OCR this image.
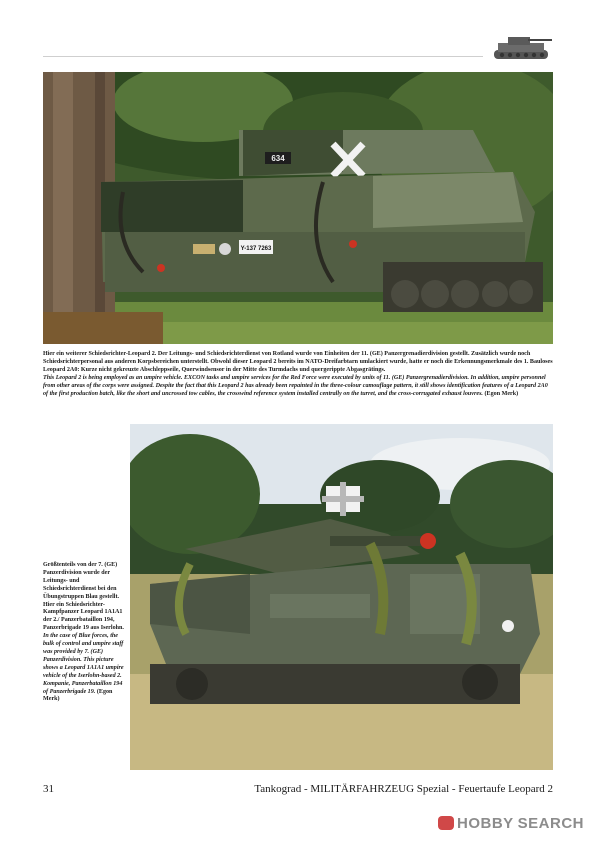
634
Y-137 7263
Hier ein weiterer Schiedsrichter-Leopard 2. Der Leitungs- und Schiedsrichterdienst von Rotland wurde von Einheiten der 11. (GE) Panzergrenadierdivision gestellt. Zusätzlich wurde noch Schiedsrichterpersonal aus anderen Korpsbereichen unterstellt. Obwohl dieser Leopard 2 bereits im NATO-Dreifarbtarn umlackiert wurde, hatte er noch die Erkennungsmerkmale des 1. Bauloses Leopard 2A0: Kurze nicht gekreuzte Abschleppseile, Querwindsensor in der Mitte des Turmdachs und quergerippte Abgasgrätings.
This Leopard 2 is being employed as an umpire vehicle. EXCON tasks and umpire services for the Red Force were executed by units of 11. (GE) Panzergrenadierdivision. In addition, umpire personnel from other areas of the corps were assigned. Despite the fact that this Leopard 2 has already been repainted in the three-colour camouflage pattern, it still shows identification features of a Leopard 2A0 of the first production batch, like the short and uncrossed tow cables, the crosswind reference system installed centrally on the turret, and the cross-corrugated exhaust louvres. (Egon Merk)
Größtenteils von der 7. (GE) Panzerdivision wurde der Leitungs- und Schiedsrichterdienst bei den Übungstruppen Blau gestellt. Hier ein Schiedsrichter-Kampfpanzer Leopard 1A1A1 der 2./ Panzerbataillon 194, Panzerbrigade 19 aus Iserlohn.
In the case of Blue forces, the bulk of control and umpire staff was provided by 7. (GE) Panzerdivision. This picture shows a Leopard 1A1A1 umpire vehicle of the Iserlohn-based 2. Kompanie, Panzerbataillon 194 of Panzerbrigade 19. (Egon Merk)
31	Tankograd - MILITÄRFAHRZEUG Spezial - Feuertaufe Leopard 2
HOBBY SEARCH
